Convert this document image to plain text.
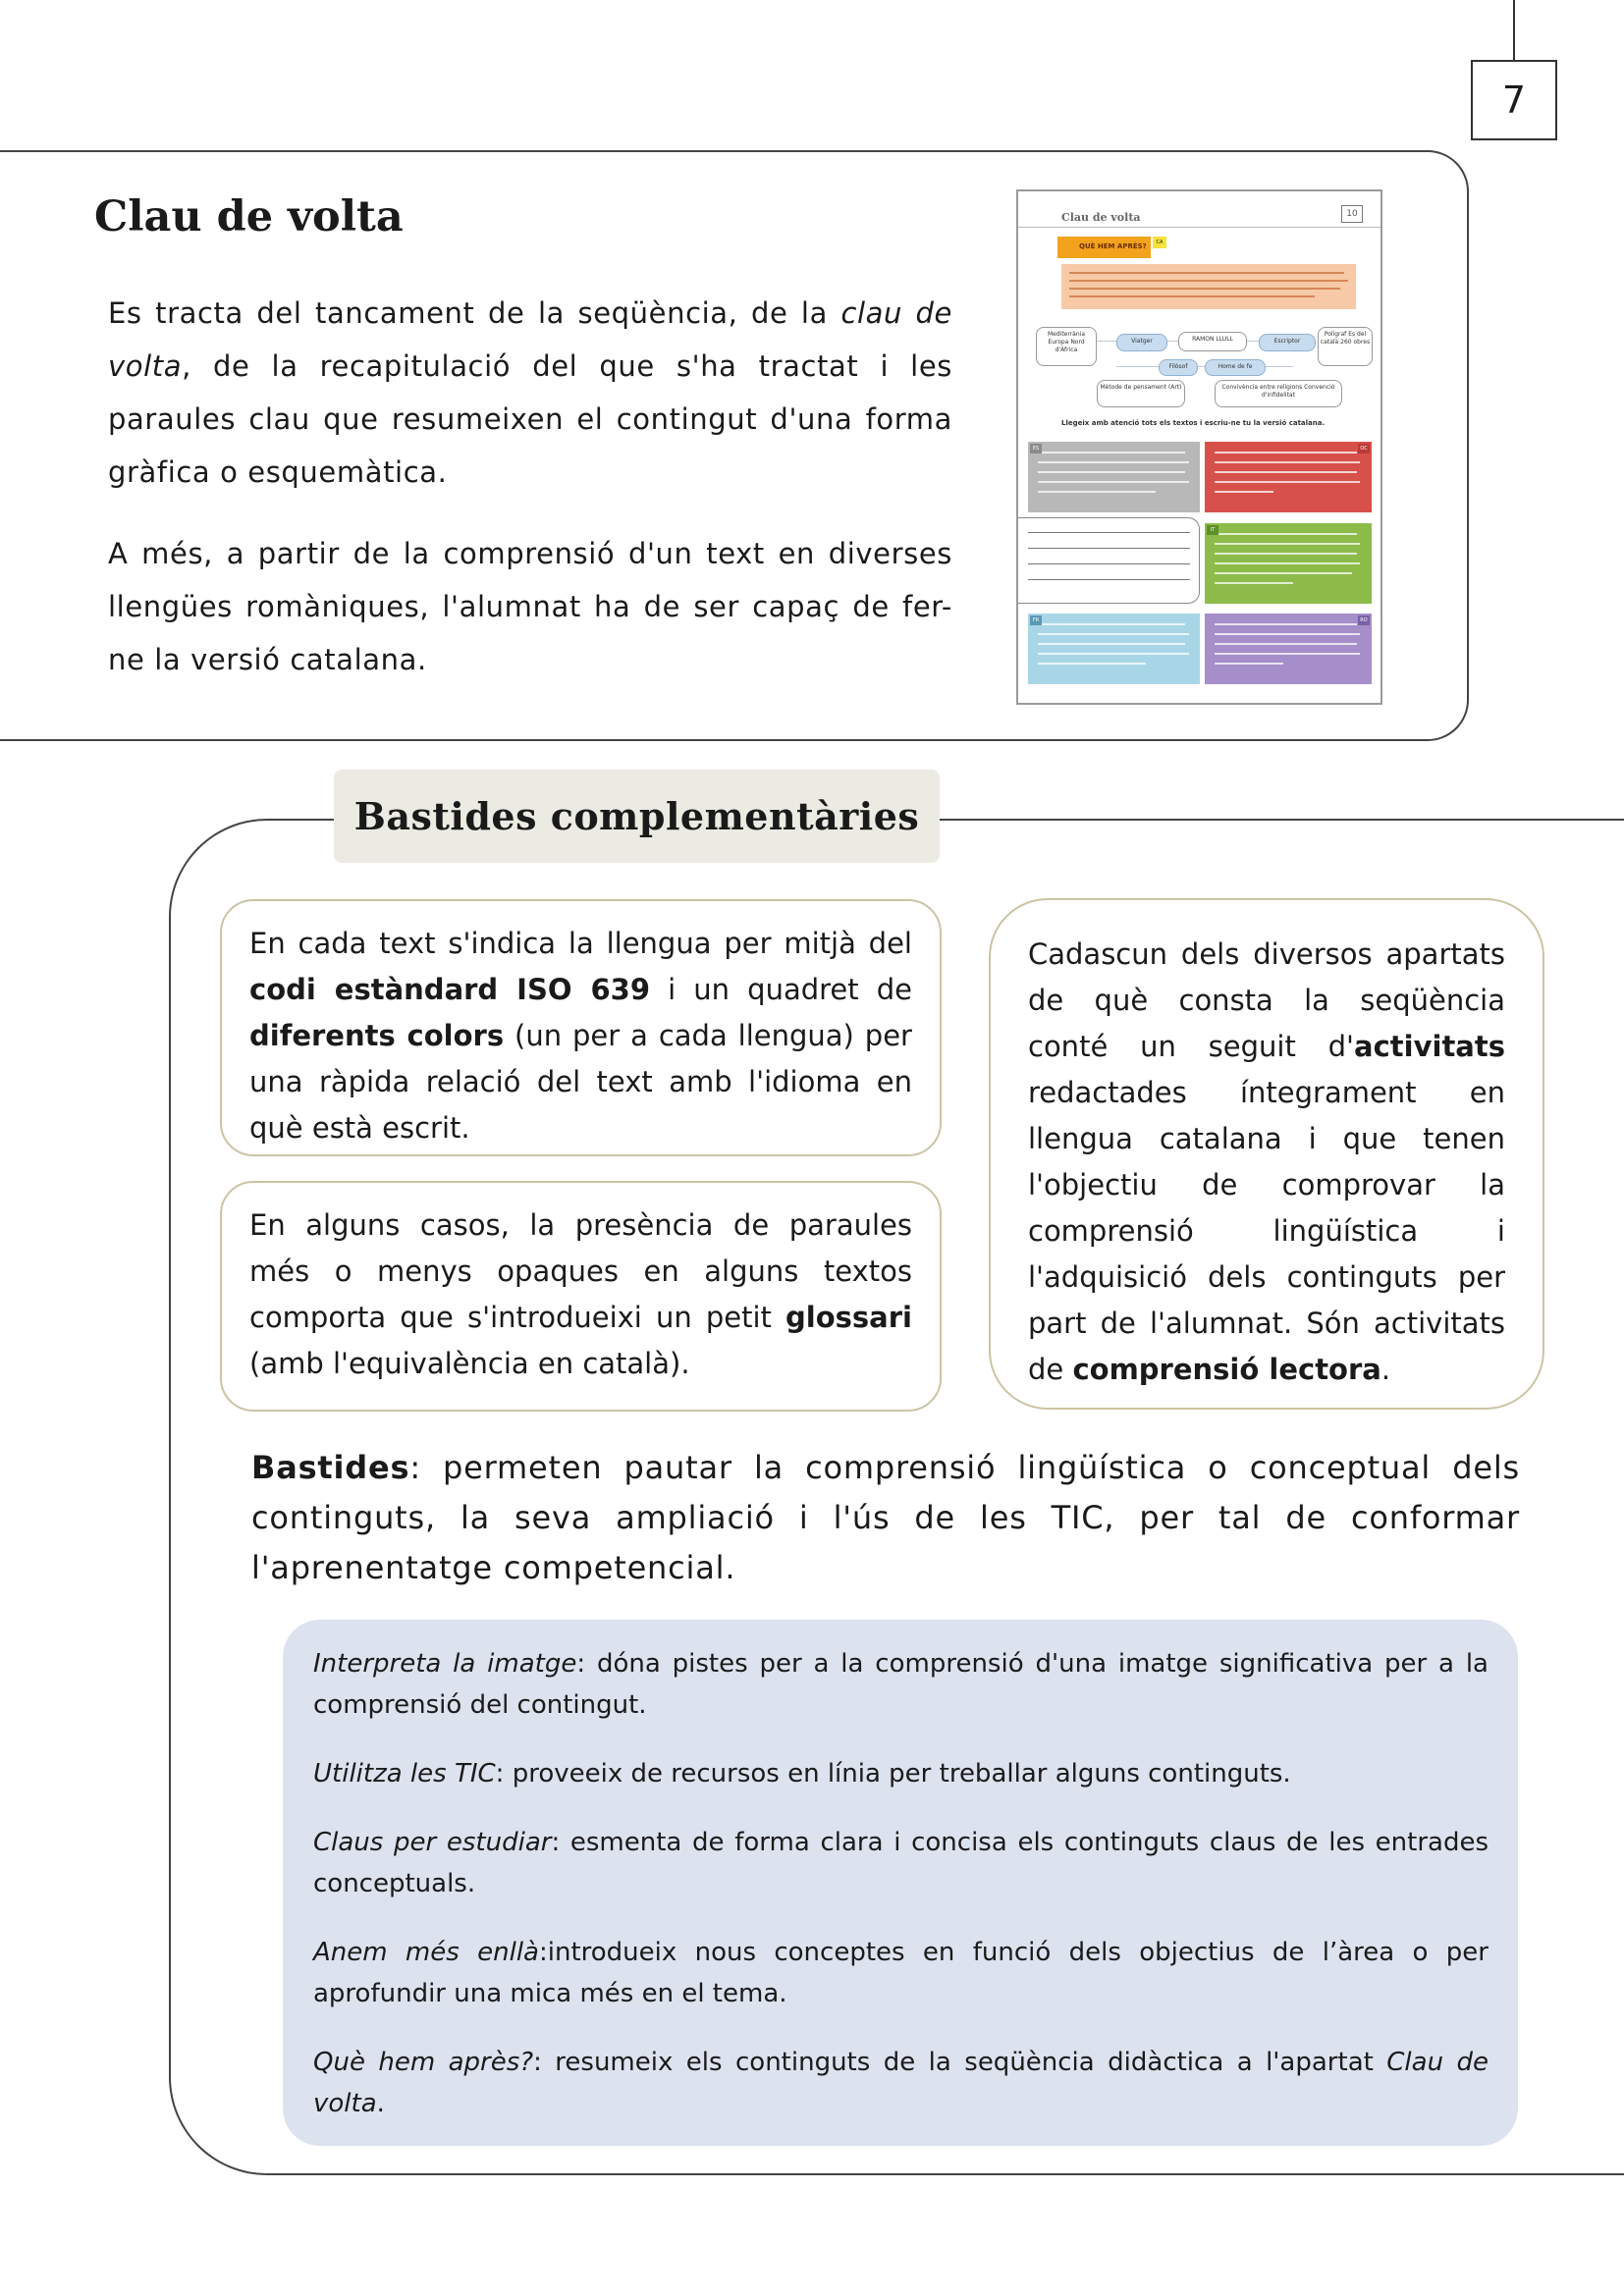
7
Clau de volta

Es tracta del tancament de la seqüència, de la clau de volta, de la recapitulació del que s'ha tractat i les paraules clau que resumeixen el contingut d'una forma gràfica o esquemàtica.

A més, a partir de la comprensió d'un text en diverses llengües romàniques, l'alumnat ha de ser capaç de fer-ne la versió catalana.

Clau de volta	10
QUÈ HEM APRÈS?	CA
Mediterrània Europa Nord d'Àfrica
Viatger	RAMON LLULL	Escriptor
Polígraf Es del català 260 obres
Filòsof	Home de fe
Mètode de pensament (Art)	Convivència entre religions Convenció d'infidelitat
Llegeix amb atenció tots els textos i escriu-ne tu la versió catalana.
ES	OC
IT
FR	RO
Bastides complementàries
En cada text s'indica la llengua per mitjà del codi estàndard ISO 639 i un quadret de diferents colors (un per a cada llengua) per una ràpida relació del text amb l'idioma en què està escrit.
En alguns casos, la presència de paraules més o menys opaques en alguns textos comporta que s'introdueixi un petit glossari (amb l'equivalència en català).
Cadascun dels diversos apartats de què consta la seqüència conté un seguit d'activitats redactades íntegrament en llengua catalana i que tenen l'objectiu de comprovar la comprensió lingüística i l'adquisició dels continguts per part de l'alumnat. Són activitats de comprensió lectora.

Bastides: permeten pautar la comprensió lingüística o conceptual dels continguts, la seva ampliació i l'ús de les TIC, per tal de conformar l'aprenentatge competencial.

Interpreta la imatge: dóna pistes per a la comprensió d'una imatge significativa per a la comprensió del contingut.

Utilitza les TIC: proveeix de recursos en línia per treballar alguns continguts.

Claus per estudiar: esmenta de forma clara i concisa els continguts claus de les entrades conceptuals.

Anem més enllà:introdueix nous conceptes en funció dels objectius de l’àrea o per aprofundir una mica més en el tema.

Què hem après?: resumeix els continguts de la seqüència didàctica a l'apartat Clau de volta.
